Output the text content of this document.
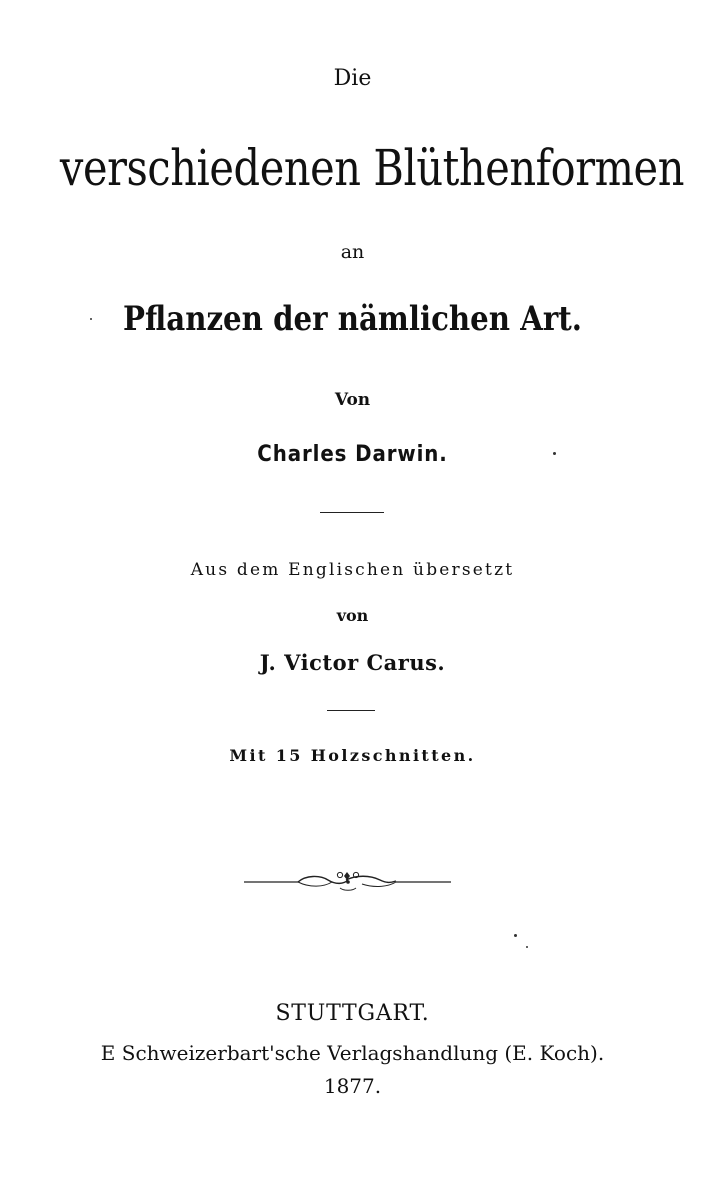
Die
verschiedenen Blüthenformen
an
Pflanzen der nämlichen Art.
Von
Charles Darwin.
Aus dem Englischen übersetzt
von
J. Victor Carus.
Mit 15 Holzschnitten.
STUTTGART.
E Schweizerbart'sche Verlagshandlung (E. Koch).
1877.
